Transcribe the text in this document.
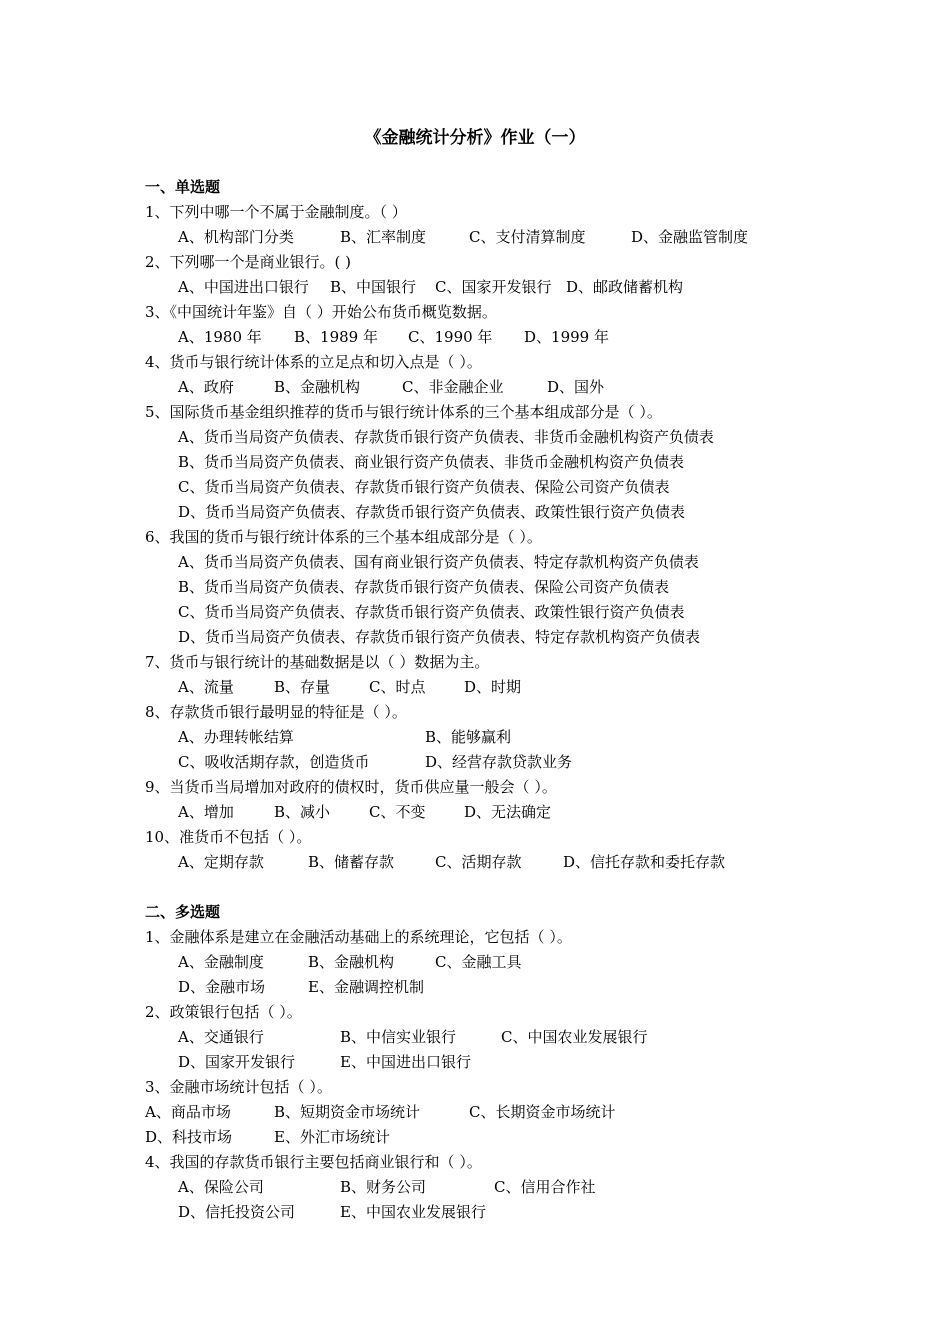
《金融统计分析》作业（一）
一、单选题
1、下列中哪一个不属于金融制度。（ ）
A、机构部门分类	B、汇率制度	C、支付清算制度	D、金融监管制度
2、下列哪一个是商业银行。( )
A、中国进出口银行 B、中国银行 C、国家开发银行 D、邮政储蓄机构
3、《中国统计年鉴》自（ ）开始公布货币概览数据。
A、1980 年 B、1989 年 C、1990 年 D、1999 年
4、货币与银行统计体系的立足点和切入点是（ ）。
A、政府	B、金融机构	C、非金融企业	D、国外
5、国际货币基金组织推荐的货币与银行统计体系的三个基本组成部分是（ ）。
A、货币当局资产负债表、存款货币银行资产负债表、非货币金融机构资产负债表
B、货币当局资产负债表、商业银行资产负债表、非货币金融机构资产负债表
C、货币当局资产负债表、存款货币银行资产负债表、保险公司资产负债表
D、货币当局资产负债表、存款货币银行资产负债表、政策性银行资产负债表
6、我国的货币与银行统计体系的三个基本组成部分是（ ）。
A、货币当局资产负债表、国有商业银行资产负债表、特定存款机构资产负债表
B、货币当局资产负债表、存款货币银行资产负债表、保险公司资产负债表
C、货币当局资产负债表、存款货币银行资产负债表、政策性银行资产负债表
D、货币当局资产负债表、存款货币银行资产负债表、特定存款机构资产负债表
7、货币与银行统计的基础数据是以（ ）数据为主。
A、流量	B、存量	C、时点	D、时期
8、存款货币银行最明显的特征是（ ）。
A、办理转帐结算	B、能够赢利
C、吸收活期存款，创造货币	D、经营存款贷款业务
9、当货币当局增加对政府的债权时，货币供应量一般会（ ）。
A、增加	B、减小	C、不变	D、无法确定
10、准货币不包括（ ）。
A、定期存款	B、储蓄存款	C、活期存款	D、信托存款和委托存款
二、多选题
1、金融体系是建立在金融活动基础上的系统理论，它包括（ ）。
A、金融制度	B、金融机构	C、金融工具
D、金融市场	E、金融调控机制
2、政策银行包括（ ）。
A、交通银行	B、中信实业银行	C、中国农业发展银行
D、国家开发银行	E、中国进出口银行
3、金融市场统计包括（ ）。
A、商品市场	B、短期资金市场统计	C、长期资金市场统计
D、科技市场	E、外汇市场统计
4、我国的存款货币银行主要包括商业银行和（ ）。
A、保险公司	B、财务公司	C、信用合作社
D、信托投资公司	E、中国农业发展银行
